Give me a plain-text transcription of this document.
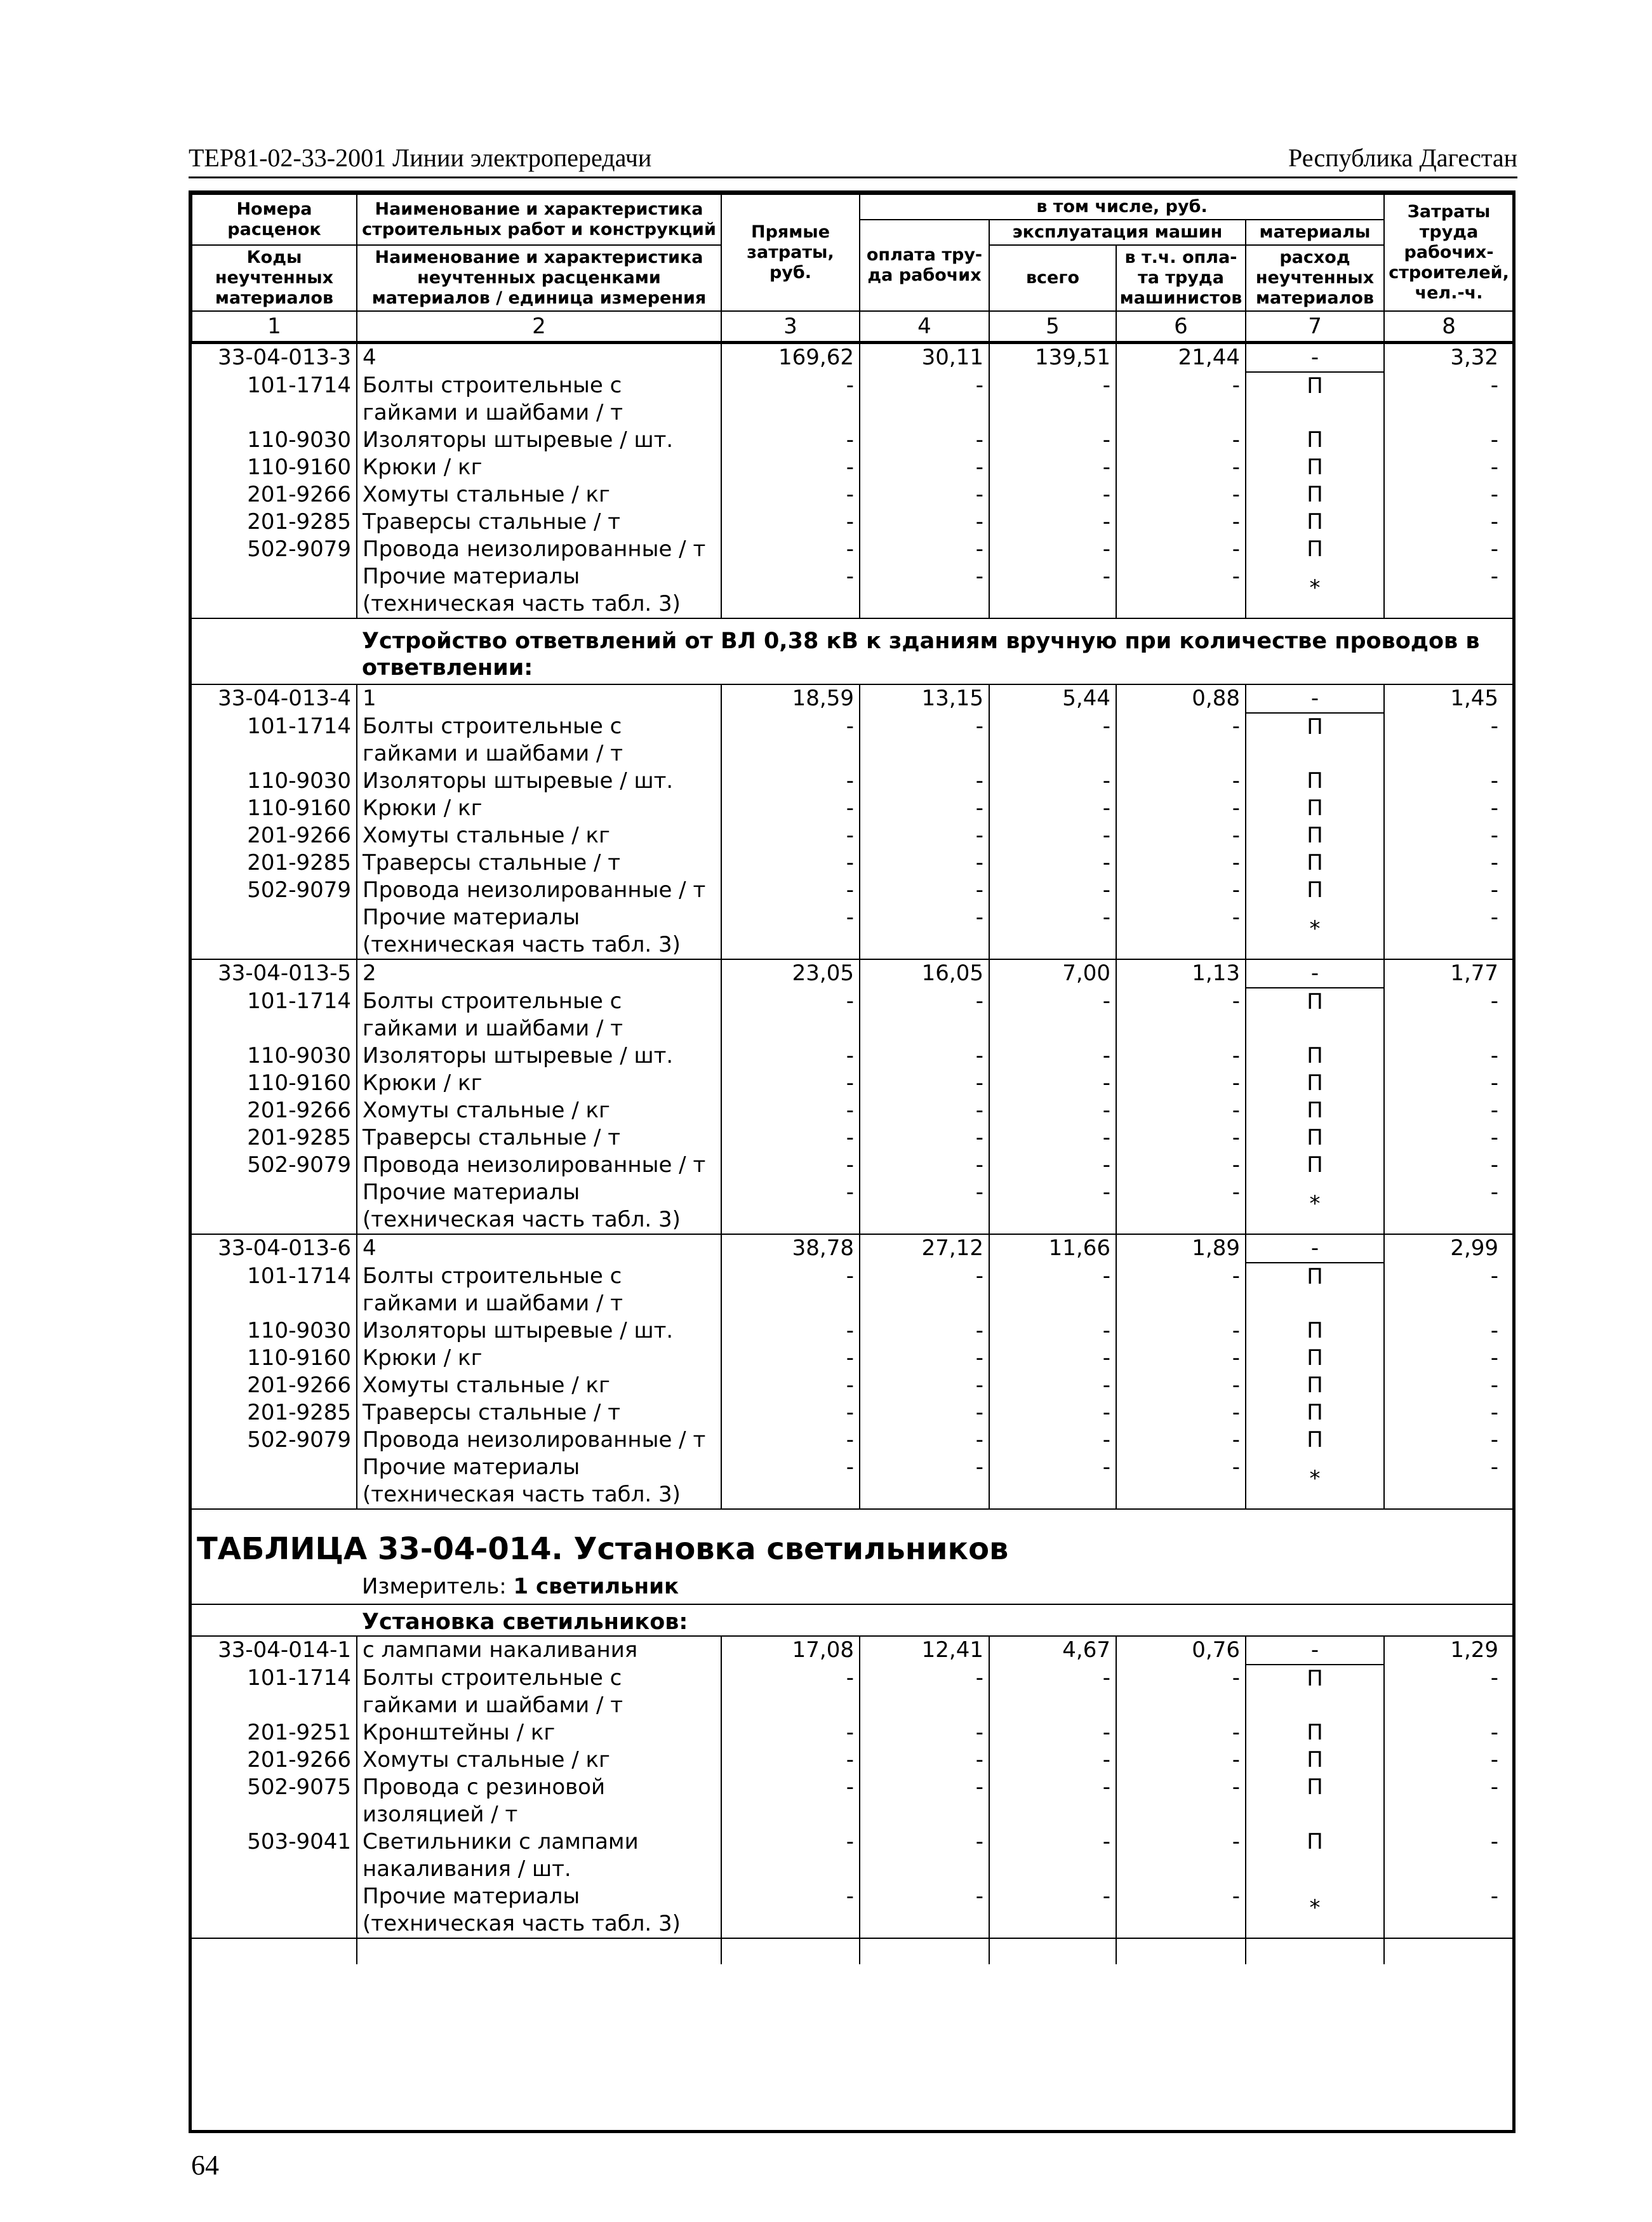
ТЕР81-02-33-2001 Линии электропередачи	Республика Дагестан
Номера расценок	Наименование и характеристика строительных работ и конструкций	Прямые затраты, руб.	в том числе, руб.				Затраты труда рабочих-строителей, чел.-ч.
			оплата тру-да рабочих	эксплуатация машин		материалы	
Коды неучтенных материалов	Наименование и характеристика неучтенных расценками материалов / единица измерения			всего	в т.ч. опла-та труда машинистов	расход неучтенных материалов	

1	2	3	4	5	6	7	8
33-04-013-3	4	169,62	30,11	139,51	21,44	-	3,32
101-1714	Болты строительные с гайками и шайбами / т	-	-	-	-	П	-
110-9030	Изоляторы штыревые / шт.	-	-	-	-	П	-
110-9160	Крюки / кг	-	-	-	-	П	-
201-9266	Хомуты стальные / кг	-	-	-	-	П	-
201-9285	Траверсы стальные / т	-	-	-	-	П	-
502-9079	Провода неизолированные / т	-	-	-	-	П	-
	Прочие материалы (техническая часть табл. 3)	-	-	-	-	*	-
	Устройство ответвлений от ВЛ 0,38 кВ к зданиям вручную при количестве проводов в ответвлении:						
33-04-013-4	1	18,59	13,15	5,44	0,88	-	1,45
101-1714	Болты строительные с гайками и шайбами / т	-	-	-	-	П	-
110-9030	Изоляторы штыревые / шт.	-	-	-	-	П	-
110-9160	Крюки / кг	-	-	-	-	П	-
201-9266	Хомуты стальные / кг	-	-	-	-	П	-
201-9285	Траверсы стальные / т	-	-	-	-	П	-
502-9079	Провода неизолированные / т	-	-	-	-	П	-
	Прочие материалы (техническая часть табл. 3)	-	-	-	-	*	-
33-04-013-5	2	23,05	16,05	7,00	1,13	-	1,77
101-1714	Болты строительные с гайками и шайбами / т	-	-	-	-	П	-
110-9030	Изоляторы штыревые / шт.	-	-	-	-	П	-
110-9160	Крюки / кг	-	-	-	-	П	-
201-9266	Хомуты стальные / кг	-	-	-	-	П	-
201-9285	Траверсы стальные / т	-	-	-	-	П	-
502-9079	Провода неизолированные / т	-	-	-	-	П	-
	Прочие материалы (техническая часть табл. 3)	-	-	-	-	*	-
33-04-013-6	4	38,78	27,12	11,66	1,89	-	2,99
101-1714	Болты строительные с гайками и шайбами / т	-	-	-	-	П	-
110-9030	Изоляторы штыревые / шт.	-	-	-	-	П	-
110-9160	Крюки / кг	-	-	-	-	П	-
201-9266	Хомуты стальные / кг	-	-	-	-	П	-
201-9285	Траверсы стальные / т	-	-	-	-	П	-
502-9079	Провода неизолированные / т	-	-	-	-	П	-
	Прочие материалы (техническая часть табл. 3)	-	-	-	-	*	-
ТАБЛИЦА 33-04-014. Установка светильников							
	Измеритель: 1 светильник						
	Установка светильников:						
33-04-014-1	с лампами накаливания	17,08	12,41	4,67	0,76	-	1,29
101-1714	Болты строительные с гайками и шайбами / т	-	-	-	-	П	-
201-9251	Кронштейны / кг	-	-	-	-	П	-
201-9266	Хомуты стальные / кг	-	-	-	-	П	-
502-9075	Провода с резиновой изоляцией / т	-	-	-	-	П	-
503-9041	Светильники с лампами накаливания / шт.	-	-	-	-	П	-
	Прочие материалы (техническая часть табл. 3)	-	-	-	-	*	-

64
